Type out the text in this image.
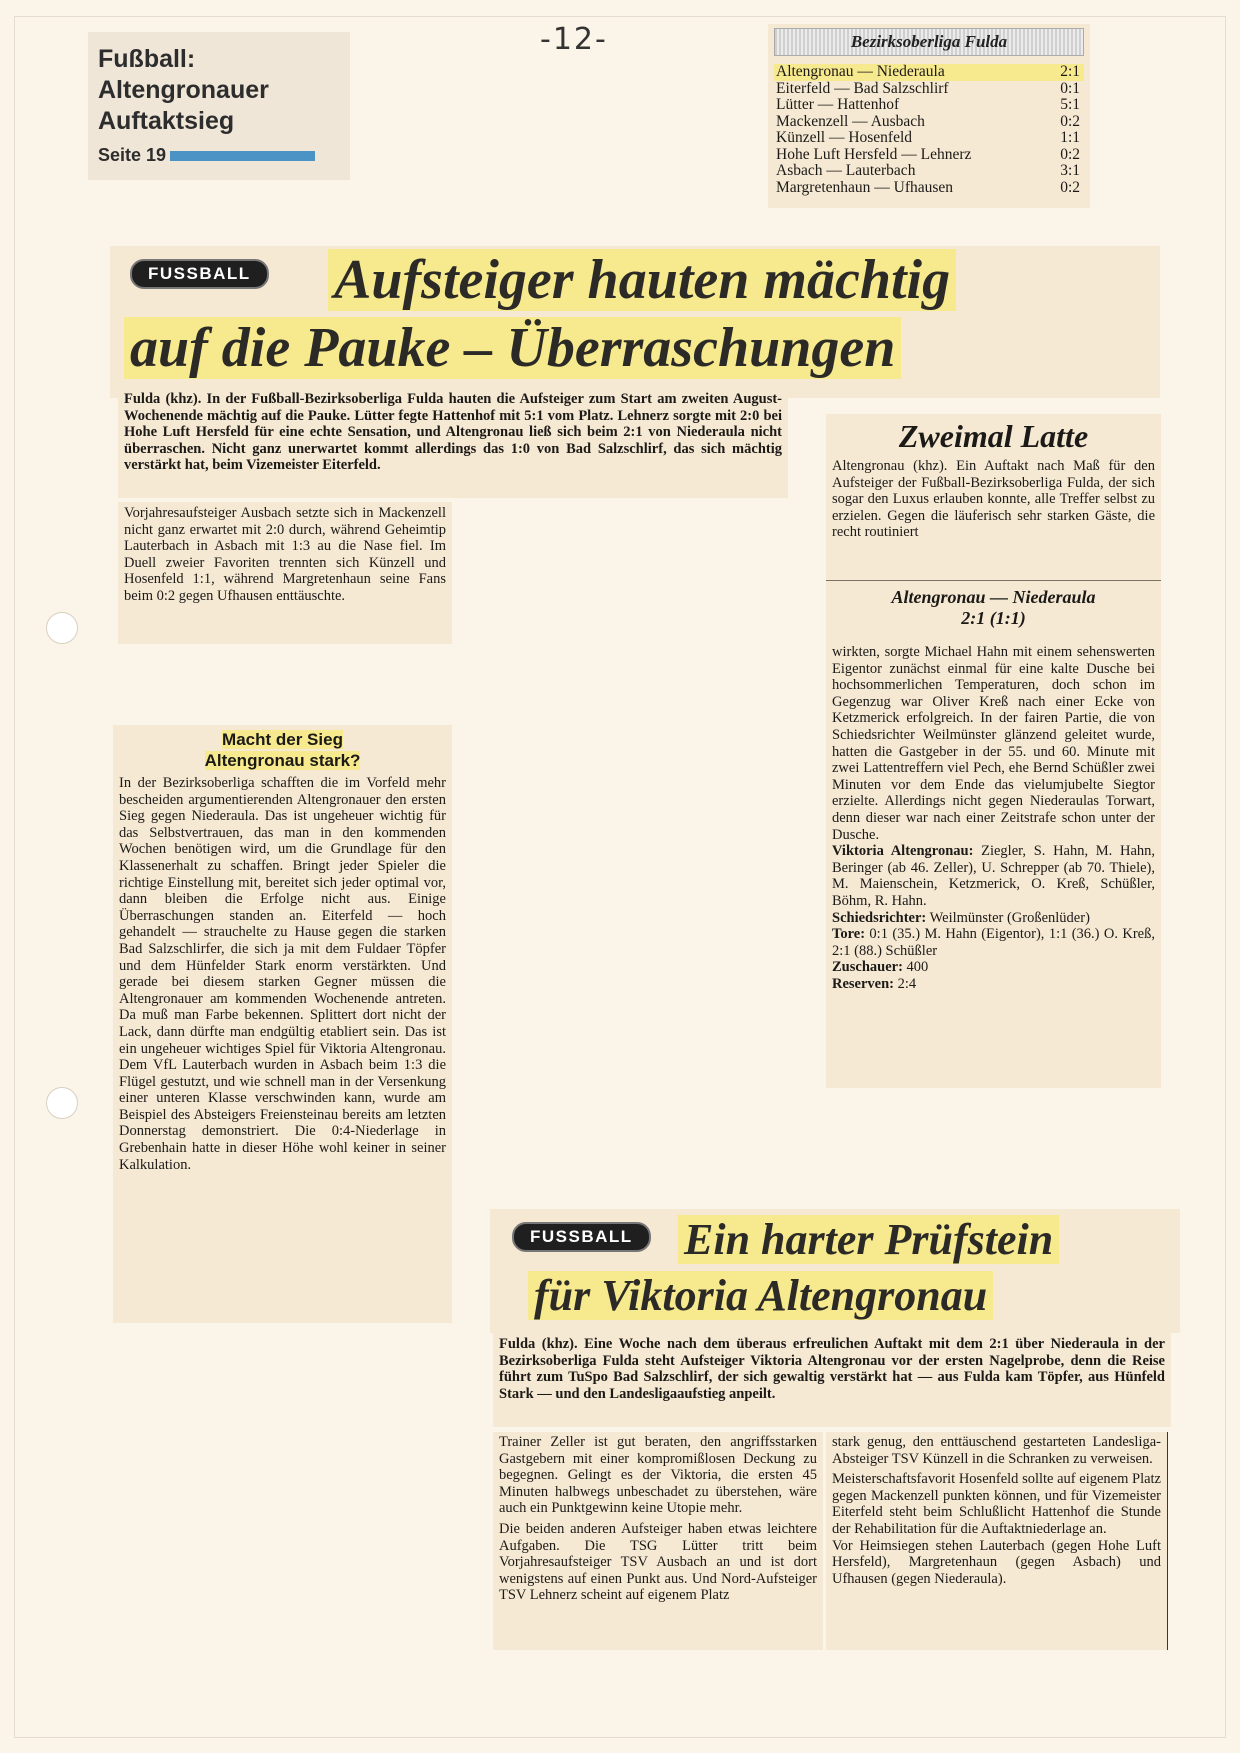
-12-
Fußball:
Altengronauer
Auftaktsieg
Seite 19
Bezirksoberliga Fulda
Altengronau — Niederaula	2:1
Eiterfeld — Bad Salzschlirf	0:1
Lütter — Hattenhof	5:1
Mackenzell — Ausbach	0:2
Künzell — Hosenfeld	1:1
Hohe Luft Hersfeld — Lehnerz	0:2
Asbach — Lauterbach	3:1
Margretenhaun — Ufhausen	0:2
FUSSBALL	Aufsteiger hauten mächtig
auf die Pauke – Überraschungen
Fulda (khz). In der Fußball-Bezirksoberliga Fulda hauten die Aufsteiger zum Start am zweiten August-Wochenende mächtig auf die Pauke. Lütter fegte Hattenhof mit 5:1 vom Platz. Lehnerz sorgte mit 2:0 bei Hohe Luft Hersfeld für eine echte Sensation, und Altengronau ließ sich beim 2:1 von Niederaula nicht überraschen. Nicht ganz unerwartet kommt allerdings das 1:0 von Bad Salzschlirf, das sich mächtig verstärkt hat, beim Vizemeister Eiterfeld.
Vorjahresaufsteiger Ausbach setzte sich in Mackenzell nicht ganz erwartet mit 2:0 durch, während Geheimtip Lauterbach in Asbach mit 1:3 au die Nase fiel. Im Duell zweier Favoriten trennten sich Künzell und Hosenfeld 1:1, während Margretenhaun seine Fans beim 0:2 gegen Ufhausen enttäuschte.
Macht der Sieg
Altengronau stark?
In der Bezirksoberliga schafften die im Vorfeld mehr bescheiden argumentierenden Altengronauer den ersten Sieg gegen Niederaula. Das ist ungeheuer wichtig für das Selbstvertrauen, das man in den kommenden Wochen benötigen wird, um die Grundlage für den Klassenerhalt zu schaffen. Bringt jeder Spieler die richtige Einstellung mit, bereitet sich jeder optimal vor, dann bleiben die Erfolge nicht aus. Einige Überraschungen standen an. Eiterfeld — hoch gehandelt — strauchelte zu Hause gegen die starken Bad Salzschlirfer, die sich ja mit dem Fuldaer Töpfer und dem Hünfelder Stark enorm verstärkten. Und gerade bei diesem starken Gegner müssen die Altengronauer am kommenden Wochenende antreten. Da muß man Farbe bekennen. Splittert dort nicht der Lack, dann dürfte man endgültig etabliert sein. Das ist ein ungeheuer wichtiges Spiel für Viktoria Altengronau. Dem VfL Lauterbach wurden in Asbach beim 1:3 die Flügel gestutzt, und wie schnell man in der Versenkung einer unteren Klasse verschwinden kann, wurde am Beispiel des Absteigers Freiensteinau bereits am letzten Donnerstag demonstriert. Die 0:4-Niederlage in Grebenhain hatte in dieser Höhe wohl keiner in seiner Kalkulation.
Zweimal Latte
Altengronau (khz). Ein Auftakt nach Maß für den Aufsteiger der Fußball-Bezirksoberliga Fulda, der sich sogar den Luxus erlauben konnte, alle Treffer selbst zu erzielen. Gegen die läuferisch sehr starken Gäste, die recht routiniert
Altengronau — Niederaula
2:1 (1:1)
wirkten, sorgte Michael Hahn mit einem sehenswerten Eigentor zunächst einmal für eine kalte Dusche bei hochsommerlichen Temperaturen, doch schon im Gegenzug war Oliver Kreß nach einer Ecke von Ketzmerick erfolgreich. In der fairen Partie, die von Schiedsrichter Weilmünster glänzend geleitet wurde, hatten die Gastgeber in der 55. und 60. Minute mit zwei Lattentreffern viel Pech, ehe Bernd Schüßler zwei Minuten vor dem Ende das vielumjubelte Siegtor erzielte. Allerdings nicht gegen Niederaulas Torwart, denn dieser war nach einer Zeitstrafe schon unter der Dusche.
Viktoria Altengronau: Ziegler, S. Hahn, M. Hahn, Beringer (ab 46. Zeller), U. Schrepper (ab 70. Thiele), M. Maienschein, Ketzmerick, O. Kreß, Schüßler, Böhm, R. Hahn.
Schiedsrichter: Weilmünster (Großenlüder)
Tore: 0:1 (35.) M. Hahn (Eigentor), 1:1 (36.) O. Kreß, 2:1 (88.) Schüßler
Zuschauer: 400
Reserven: 2:4
FUSSBALL	Ein harter Prüfstein
für Viktoria Altengronau
Fulda (khz). Eine Woche nach dem überaus erfreulichen Auftakt mit dem 2:1 über Niederaula in der Bezirksoberliga Fulda steht Aufsteiger Viktoria Altengronau vor der ersten Nagelprobe, denn die Reise führt zum TuSpo Bad Salzschlirf, der sich gewaltig verstärkt hat — aus Fulda kam Töpfer, aus Hünfeld Stark — und den Landesligaaufstieg anpeilt.
Trainer Zeller ist gut beraten, den angriffsstarken Gastgebern mit einer kompromißlosen Deckung zu begegnen. Gelingt es der Viktoria, die ersten 45 Minuten halbwegs unbeschadet zu überstehen, wäre auch ein Punktgewinn keine Utopie mehr.
Die beiden anderen Aufsteiger haben etwas leichtere Aufgaben. Die TSG Lütter tritt beim Vorjahresaufsteiger TSV Ausbach an und ist dort wenigstens auf einen Punkt aus. Und Nord-Aufsteiger TSV Lehnerz scheint auf eigenem Platz
stark genug, den enttäuschend gestarteten Landesliga-Absteiger TSV Künzell in die Schranken zu verweisen.
Meisterschaftsfavorit Hosenfeld sollte auf eigenem Platz gegen Mackenzell punkten können, und für Vizemeister Eiterfeld steht beim Schlußlicht Hattenhof die Stunde der Rehabilitation für die Auftaktniederlage an.
Vor Heimsiegen stehen Lauterbach (gegen Hohe Luft Hersfeld), Margretenhaun (gegen Asbach) und Ufhausen (gegen Niederaula).
